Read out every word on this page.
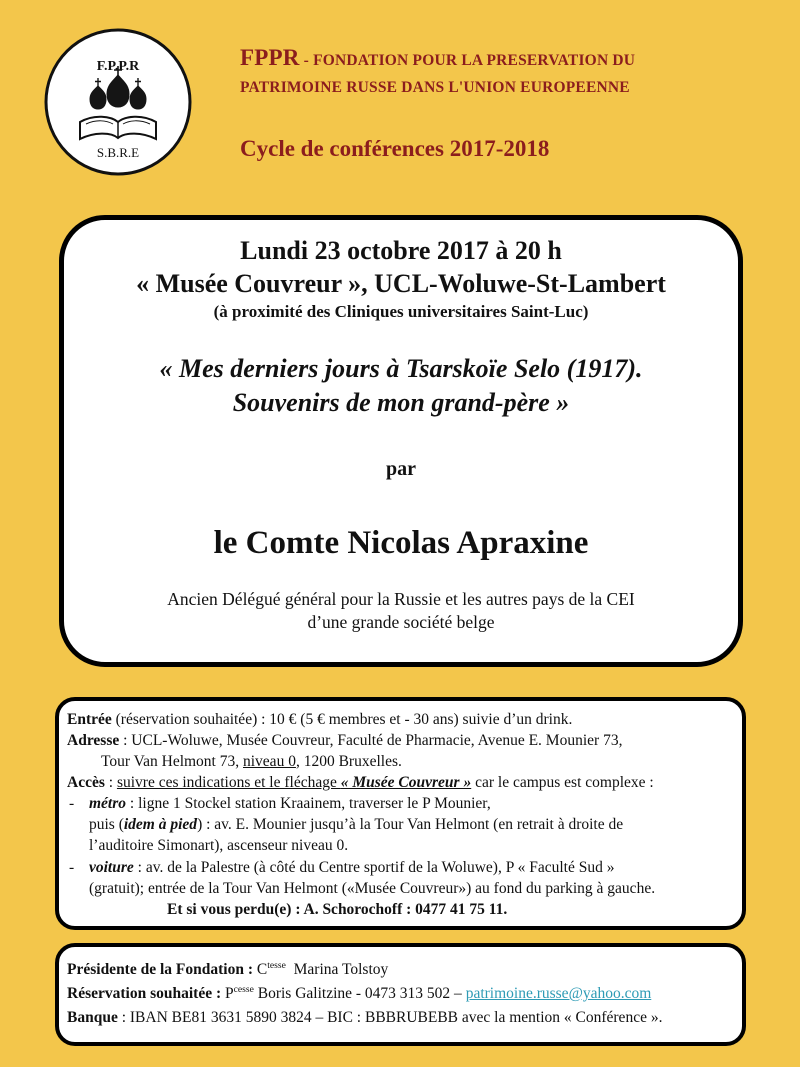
F.P.P.R
S.B.R.E
FPPR - FONDATION POUR LA PRESERVATION DU
PATRIMOINE RUSSE DANS L'UNION EUROPEENNE
Cycle de conférences 2017-2018
Lundi 23 octobre 2017 à 20 h
« Musée Couvreur », UCL-Woluwe-St-Lambert
(à proximité des Cliniques universitaires Saint-Luc)
« Mes derniers jours à Tsarskoïe Selo (1917).
Souvenirs de mon grand-père »
par
le Comte Nicolas Apraxine
Ancien Délégué général pour la Russie et les autres pays de la CEI
d’une grande société belge
Entrée (réservation souhaitée) : 10 € (5 € membres et - 30 ans) suivie d’un drink.
Adresse : UCL-Woluwe, Musée Couvreur, Faculté de Pharmacie, Avenue E. Mounier 73,
Tour Van Helmont 73, niveau 0, 1200 Bruxelles.
Accès : suivre ces indications et le fléchage « Musée Couvreur » car le campus est complexe :
- métro : ligne 1 Stockel station Kraainem, traverser le P Mounier,
puis (idem à pied) : av. E. Mounier jusqu’à la Tour Van Helmont (en retrait à droite de
l’auditoire Simonart), ascenseur niveau 0.
- voiture : av. de la Palestre (à côté du Centre sportif de la Woluwe), P « Faculté Sud »
(gratuit); entrée de la Tour Van Helmont («Musée Couvreur») au fond du parking à gauche.
Et si vous perdu(e) : A. Schorochoff : 0477 41 75 11.
Présidente de la Fondation : $C^{tesse}$  Marina Tolstoy
Réservation souhaitée : $P^{cesse}$ Boris Galitzine - 0473 313 502 – patrimoine.russe@yahoo.com
Banque : IBAN BE81 3631 5890 3824 – BIC : BBBRUBEBB avec la mention « Conférence ».
